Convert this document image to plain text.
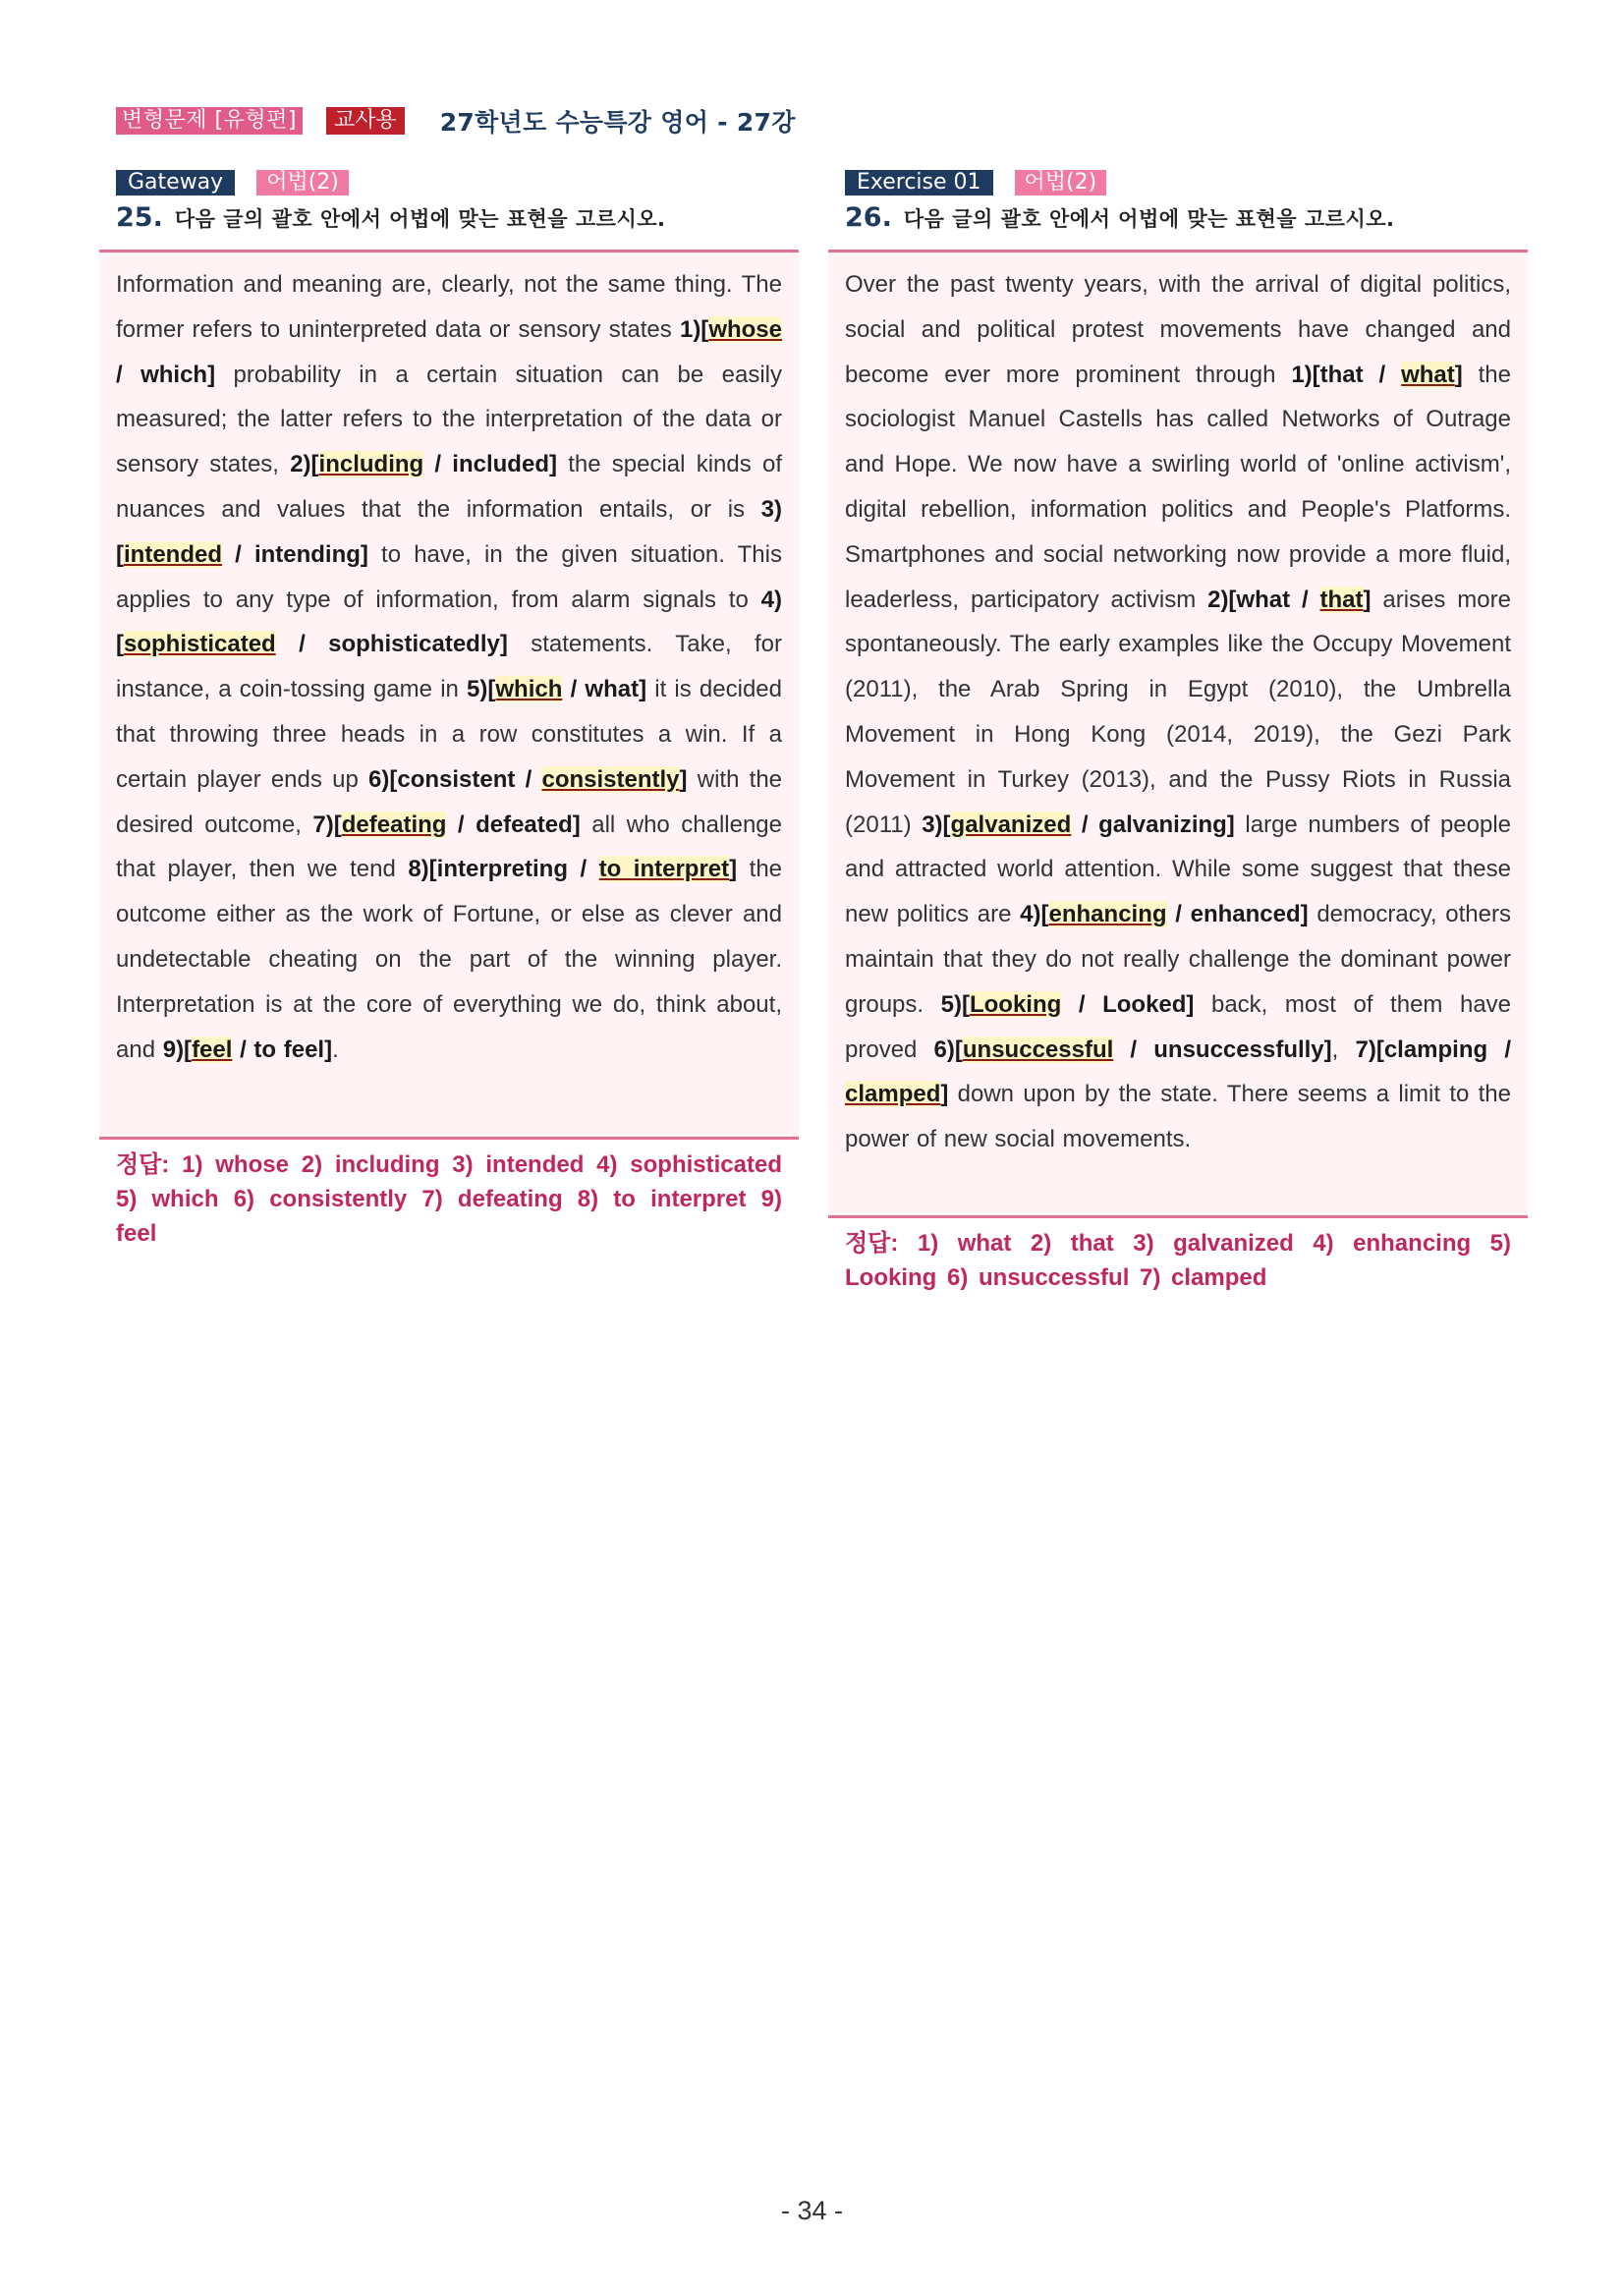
변형문제 [유형편]	교사용	27학년도 수능특강 영어 - 27강
Gateway	어법(2)
25. 다음 글의 괄호 안에서 어법에 맞는 표현을 고르시오.
Information and meaning are, clearly, not the same thing. The former refers to uninterpreted data or sensory states 1)[whose / which] probability in a certain situation can be easily measured; the latter refers to the interpretation of the data or sensory states, 2)[including / included] the special kinds of nuances and values that the information entails, or is 3)[intended / intending] to have, in the given situation. This applies to any type of information, from alarm signals to 4)[sophisticated / sophisticatedly] statements. Take, for instance, a coin-tossing game in 5)[which / what] it is decided that throwing three heads in a row constitutes a win. If a certain player ends up 6)[consistent / consistently] with the desired outcome, 7)[defeating / defeated] all who challenge that player, then we tend 8)[interpreting / to interpret] the outcome either as the work of Fortune, or else as clever and undetectable cheating on the part of the winning player. Interpretation is at the core of everything we do, think about, and 9)[feel / to feel].
정답: 1) whose 2) including 3) intended 4) sophisticated 5) which 6) consistently 7) defeating 8) to interpret 9) feel
Exercise 01	어법(2)
26. 다음 글의 괄호 안에서 어법에 맞는 표현을 고르시오.
Over the past twenty years, with the arrival of digital politics, social and political protest movements have changed and become ever more prominent through 1)[that / what] the sociologist Manuel Castells has called Networks of Outrage and Hope. We now have a swirling world of 'online activism', digital rebellion, information politics and People's Platforms. Smartphones and social networking now provide a more fluid, leaderless, participatory activism 2)[what / that] arises more spontaneously. The early examples like the Occupy Movement (2011), the Arab Spring in Egypt (2010), the Umbrella Movement in Hong Kong (2014, 2019), the Gezi Park Movement in Turkey (2013), and the Pussy Riots in Russia (2011) 3)[galvanized / galvanizing] large numbers of people and attracted world attention. While some suggest that these new politics are 4)[enhancing / enhanced] democracy, others maintain that they do not really challenge the dominant power groups. 5)[Looking / Looked] back, most of them have proved 6)[unsuccessful / unsuccessfully], 7)[clamping / clamped] down upon by the state. There seems a limit to the power of new social movements.
정답: 1) what 2) that 3) galvanized 4) enhancing 5) Looking 6) unsuccessful 7) clamped
- 34 -
